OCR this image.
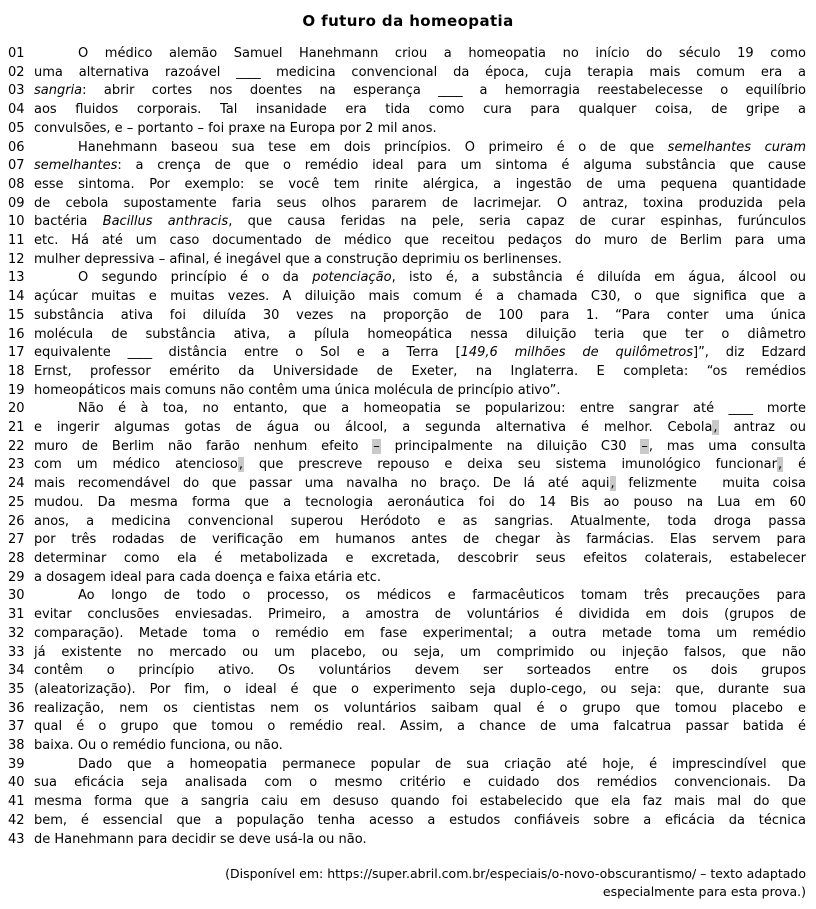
O futuro da homeopatia
01	O médico alemão Samuel Hanehmann criou a homeopatia no início do século 19 como
02 uma alternativa razoável ____ medicina convencional da época, cuja terapia mais comum era a
03 sangria: abrir cortes nos doentes na esperança ____ a hemorragia reestabelecesse o equilíbrio
04 aos fluidos corporais. Tal insanidade era tida como cura para qualquer coisa, de gripe a
05 convulsões, e – portanto – foi praxe na Europa por 2 mil anos.
06	Hanehmann baseou sua tese em dois princípios. O primeiro é o de que semelhantes curam
07 semelhantes: a crença de que o remédio ideal para um sintoma é alguma substância que cause
08 esse sintoma. Por exemplo: se você tem rinite alérgica, a ingestão de uma pequena quantidade
09 de cebola supostamente faria seus olhos pararem de lacrimejar. O antraz, toxina produzida pela
10 bactéria Bacillus anthracis, que causa feridas na pele, seria capaz de curar espinhas, furúnculos
11 etc. Há até um caso documentado de médico que receitou pedaços do muro de Berlim para uma
12 mulher depressiva – afinal, é inegável que a construção deprimiu os berlinenses.
13	O segundo princípio é o da potenciação, isto é, a substância é diluída em água, álcool ou
14 açúcar muitas e muitas vezes. A diluição mais comum é a chamada C30, o que significa que a
15 substância ativa foi diluída 30 vezes na proporção de 100 para 1. “Para conter uma única
16 molécula de substância ativa, a pílula homeopática nessa diluição teria que ter o diâmetro
17 equivalente ____ distância entre o Sol e a Terra [149,6 milhões de quilômetros]”, diz Edzard
18 Ernst, professor emérito da Universidade de Exeter, na Inglaterra. E completa: “os remédios
19 homeopáticos mais comuns não contêm uma única molécula de princípio ativo”.
20	Não é à toa, no entanto, que a homeopatia se popularizou: entre sangrar até ____ morte
21 e ingerir algumas gotas de água ou álcool, a segunda alternativa é melhor. Cebola, antraz ou
22 muro de Berlim não farão nenhum efeito – principalmente na diluição C30 –, mas uma consulta
23 com um médico atencioso, que prescreve repouso e deixa seu sistema imunológico funcionar, é
24 mais recomendável do que passar uma navalha no braço. De lá até aqui, felizmente  muita coisa
25 mudou. Da mesma forma que a tecnologia aeronáutica foi do 14 Bis ao pouso na Lua em 60
26 anos, a medicina convencional superou Heródoto e as sangrias. Atualmente, toda droga passa
27 por três rodadas de verificação em humanos antes de chegar às farmácias. Elas servem para
28 determinar como ela é metabolizada e excretada, descobrir seus efeitos colaterais, estabelecer
29 a dosagem ideal para cada doença e faixa etária etc.
30	Ao longo de todo o processo, os médicos e farmacêuticos tomam três precauções para
31 evitar conclusões enviesadas. Primeiro, a amostra de voluntários é dividida em dois (grupos de
32 comparação). Metade toma o remédio em fase experimental; a outra metade toma um remédio
33 já existente no mercado ou um placebo, ou seja, um comprimido ou injeção falsos, que não
34 contêm o princípio ativo. Os voluntários devem ser sorteados entre os dois grupos
35 (aleatorização). Por fim, o ideal é que o experimento seja duplo-cego, ou seja: que, durante sua
36 realização, nem os cientistas nem os voluntários saibam qual é o grupo que tomou placebo e
37 qual é o grupo que tomou o remédio real. Assim, a chance de uma falcatrua passar batida é
38 baixa. Ou o remédio funciona, ou não.
39	Dado que a homeopatia permanece popular de sua criação até hoje, é imprescindível que
40 sua eficácia seja analisada com o mesmo critério e cuidado dos remédios convencionais. Da
41 mesma forma que a sangria caiu em desuso quando foi estabelecido que ela faz mais mal do que
42 bem, é essencial que a população tenha acesso a estudos confiáveis sobre a eficácia da técnica
43 de Hanehmann para decidir se deve usá-la ou não.
(Disponível em: https://super.abril.com.br/especiais/o-novo-obscurantismo/ – texto adaptado
especialmente para esta prova.)
